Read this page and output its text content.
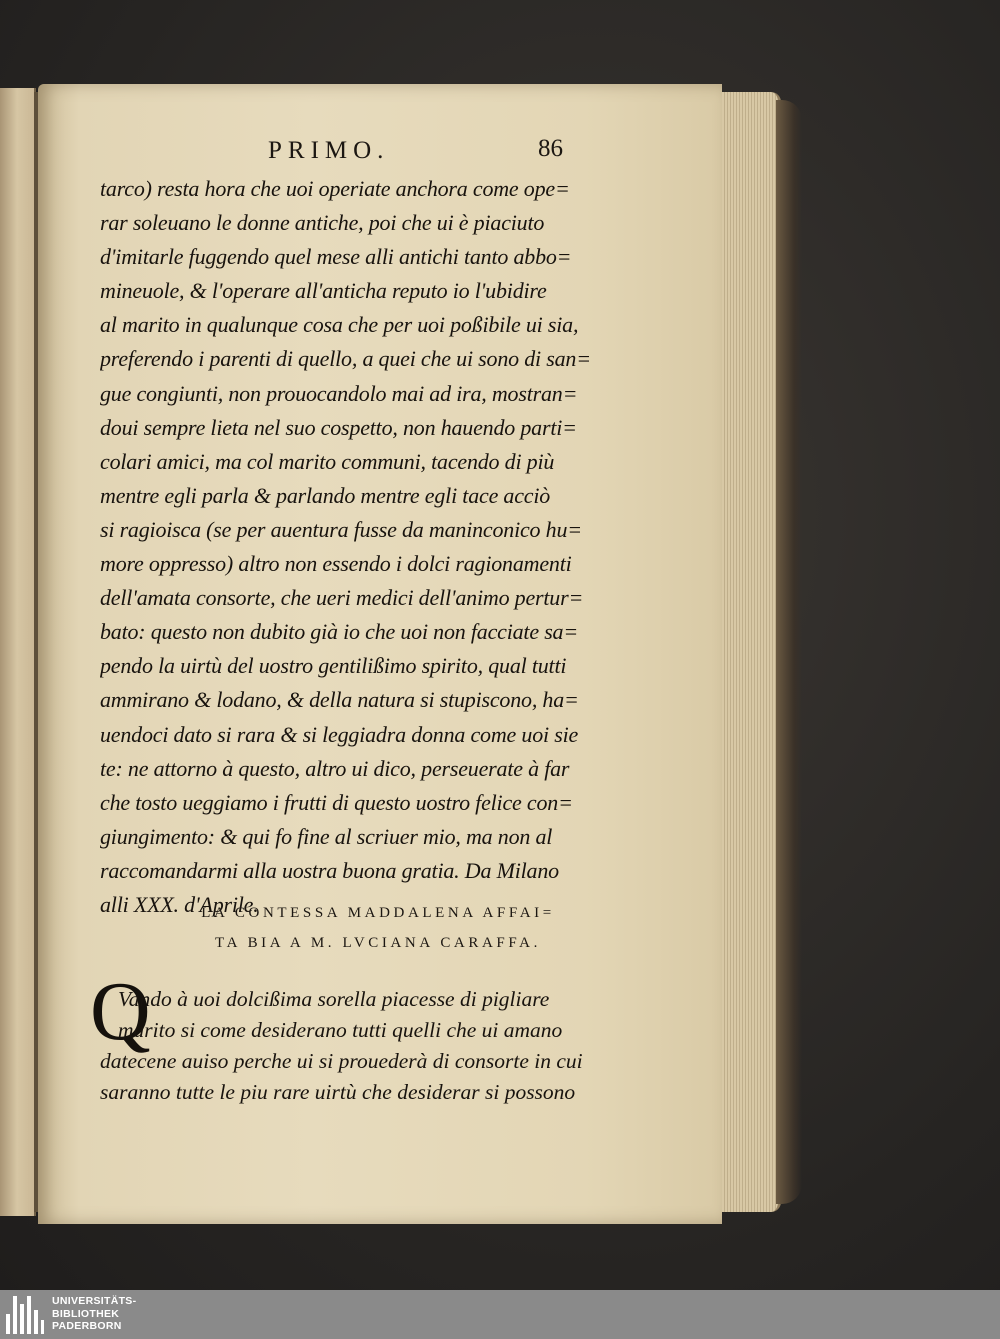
PRIMO.	86
tarco) resta hora che uoi operiate anchora come ope=
rar soleuano le donne antiche, poi che ui è piaciuto
d'imitarle fuggendo quel mese alli antichi tanto abbo=
mineuole, & l'operare all'anticha reputo io l'ubidire
al marito in qualunque cosa che per uoi poßibile ui sia,
preferendo i parenti di quello, a quei che ui sono di san=
gue congiunti, non prouocandolo mai ad ira, mostran=
doui sempre lieta nel suo cospetto, non hauendo parti=
colari amici, ma col marito communi, tacendo di più
mentre egli parla & parlando mentre egli tace acciò
si ragioisca (se per auentura fusse da maninconico hu=
more oppresso) altro non essendo i dolci ragionamenti
dell'amata consorte, che ueri medici dell'animo pertur=
bato: questo non dubito già io che uoi non facciate sa=
pendo la uirtù del uostro gentilißimo spirito, qual tutti
ammirano & lodano, & della natura si stupiscono, ha=
uendoci dato si rara & si leggiadra donna come uoi sie
te: ne attorno à questo, altro ui dico, perseuerate à far
che tosto ueggiamo i frutti di questo uostro felice con=
giungimento: & qui fo fine al scriuer mio, ma non al
raccomandarmi alla uostra buona gratia. Da Milano
alli XXX. d'Aprile.
LA CONTESSA MADDALENA AFFAI=
TA BIA A M. LVCIANA CARAFFA.
Q
Vando à uoi dolcißima sorella piacesse di pigliare
marito si come desiderano tutti quelli che ui amano
datecene auiso perche ui si prouederà di consorte in cui
saranno tutte le piu rare uirtù che desiderar si possono
UNIVERSITÄTS-
BIBLIOTHEK
PADERBORN
